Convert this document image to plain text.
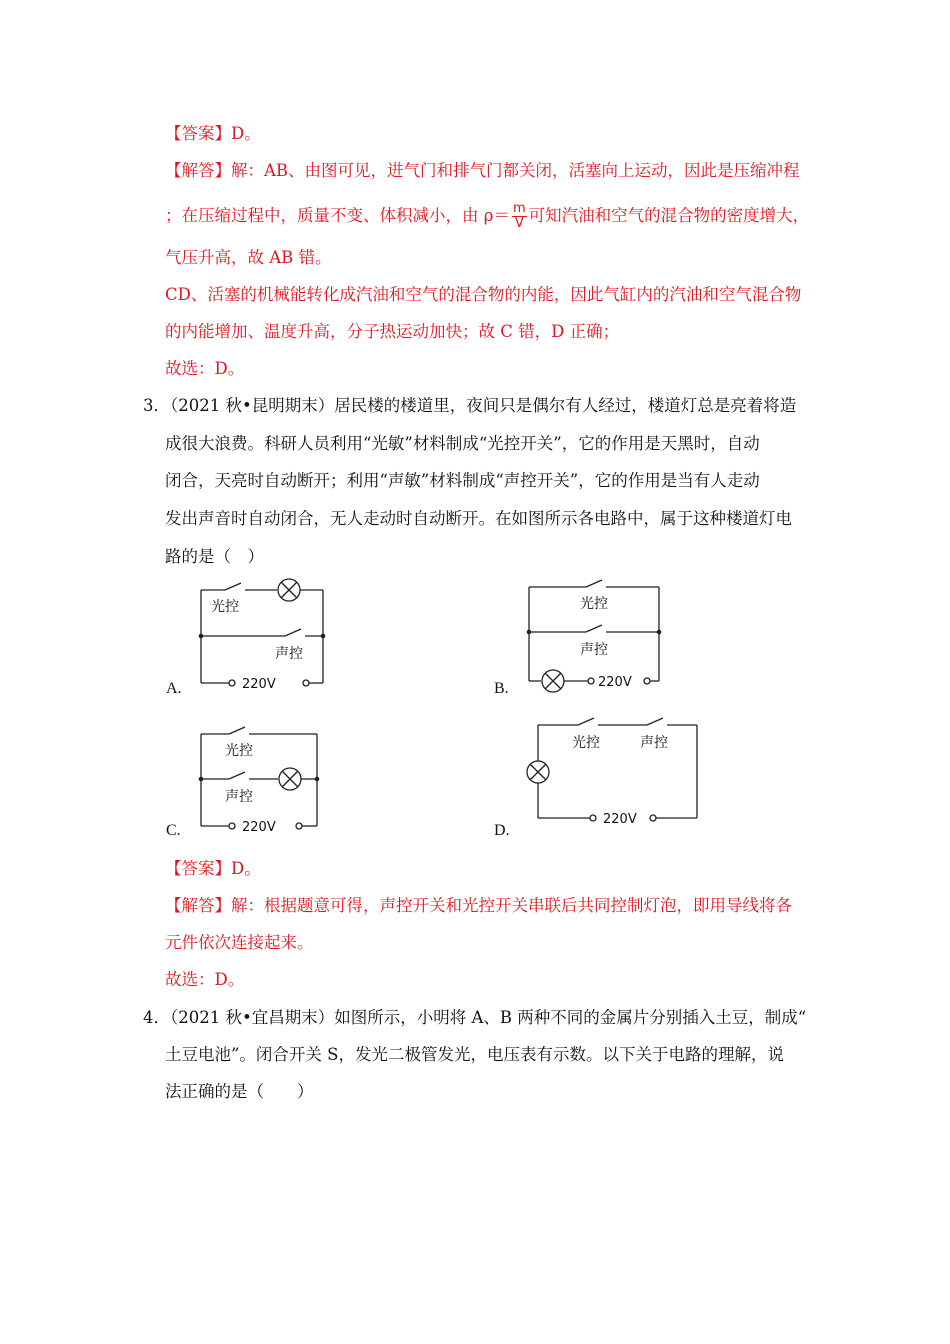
【答案】D。
【解答】解：AB、由图可见，进气门和排气门都关闭，活塞向上运动，因此是压缩冲程
；在压缩过程中，质量不变、体积减小，由 $\rho= \frac{m}{V}$ 可知汽油和空气的混合物的密度增大，
气压升高，故 AB 错。
CD、活塞的机械能转化成汽油和空气的混合物的内能，因此气缸内的汽油和空气混合物
的内能增加、温度升高，分子热运动加快；故 C 错，D 正确；
故选：D。
3．（2021 秋•昆明期末）居民楼的楼道里，夜间只是偶尔有人经过，楼道灯总是亮着将造
成很大浪费。科研人员利用“光敏”材料制成“光控开关”，它的作用是天黑时，自动
闭合，天亮时自动断开；利用“声敏”材料制成“声控开关”，它的作用是当有人走动
发出声音时自动闭合，无人走动时自动断开。在如图所示各电路中，属于这种楼道灯电
路的是（　）
A.	B.
C.	D.
光控
声控
220V
光控
声控
220V
光控
声控
220V
光控	声控
220V
【答案】D。
【解答】解：根据题意可得，声控开关和光控开关串联后共同控制灯泡，即用导线将各
元件依次连接起来。
故选：D。
4．（2021 秋•宜昌期末）如图所示，小明将 A、B 两种不同的金属片分别插入土豆，制成“
土豆电池”。闭合开关 S，发光二极管发光，电压表有示数。以下关于电路的理解，说
法正确的是（　　）
